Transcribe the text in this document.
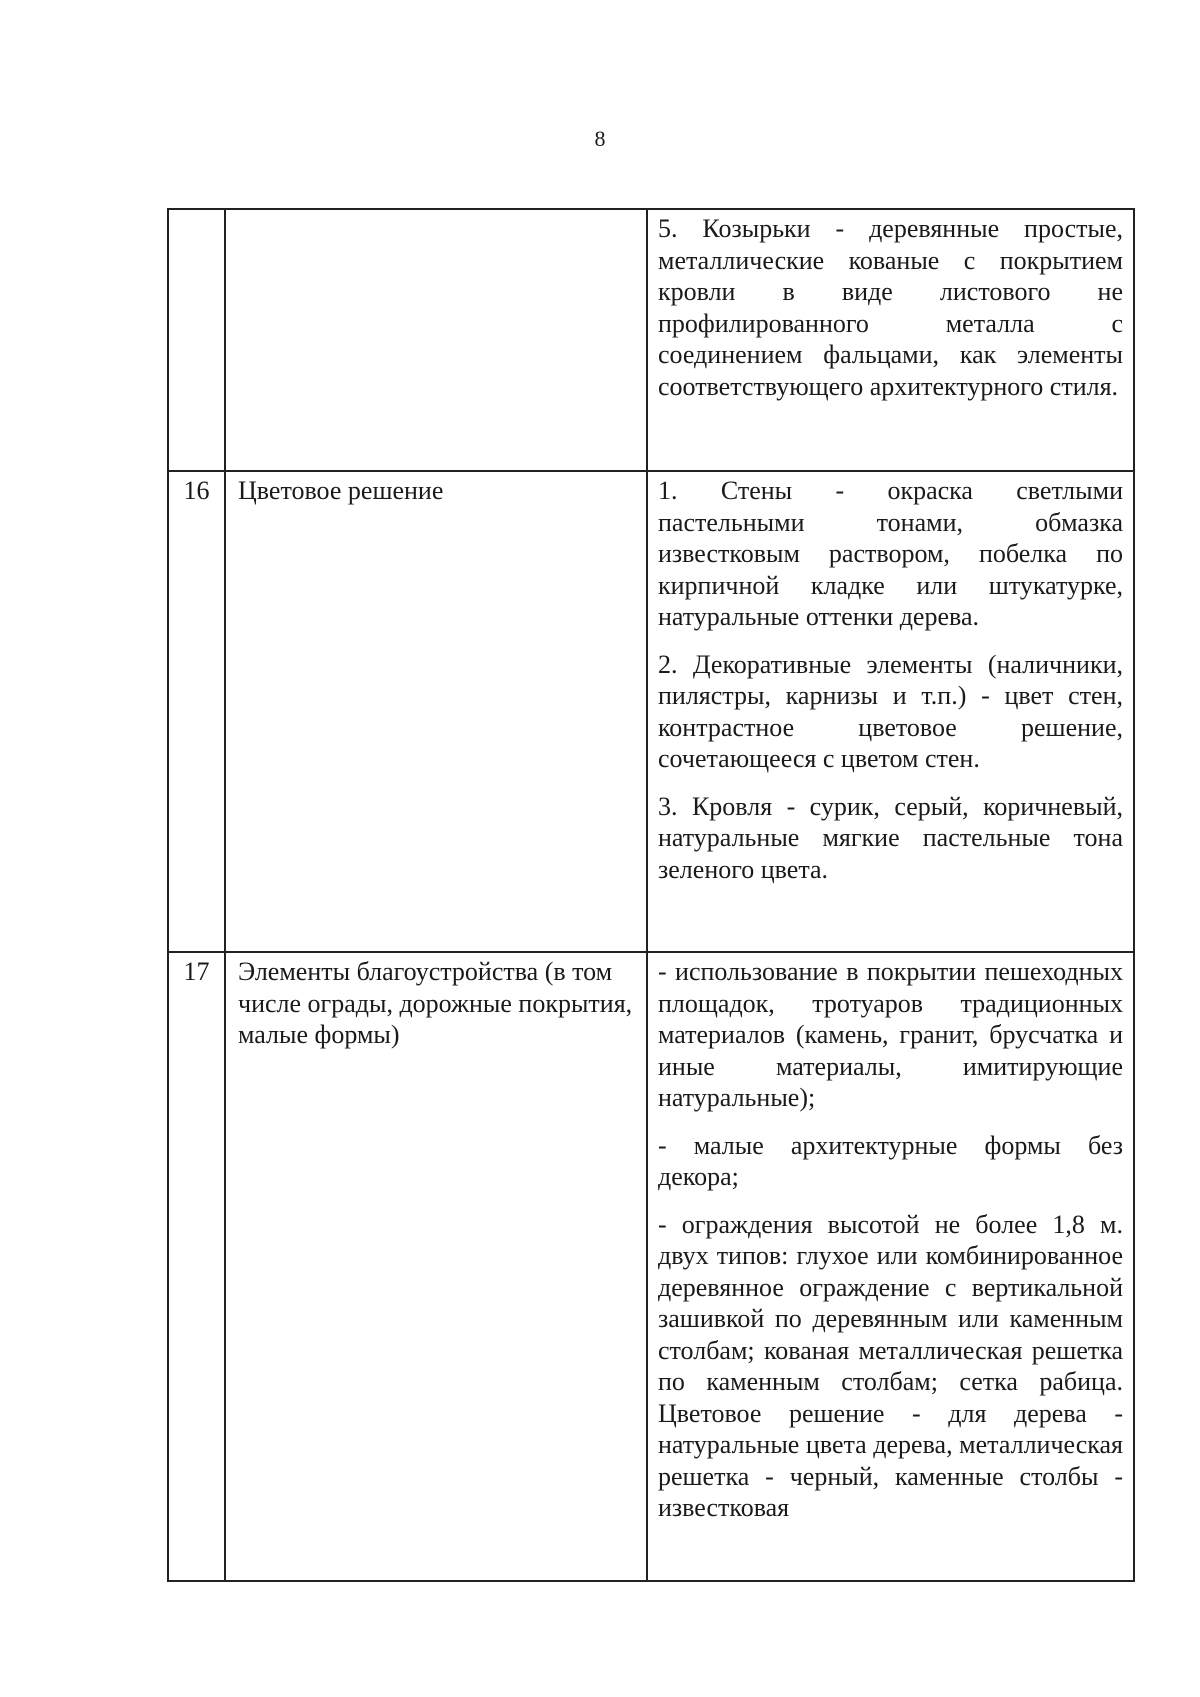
8

		5. Козырьки - деревянные простые, металлические кованые с покрытием кровли в виде листового не профилированного металла с соединением фальцами, как элементы соответствующего архитектурного стиля.

16	Цветовое решение	1. Стены - окраска светлыми пастельными тонами, обмазка известковым раствором, побелка по кирпичной кладке или штукатурке, натуральные оттенки дерева.

2. Декоративные элементы (наличники, пилястры, карнизы и т.п.) - цвет стен, контрастное цветовое решение, сочетающееся с цветом стен.

3. Кровля - сурик, серый, коричневый, натуральные мягкие пастельные тона зеленого цвета.

17	Элементы благоустройства (в том числе ограды, дорожные покрытия, малые формы)	- использование в покрытии пешеходных площадок, тротуаров традиционных материалов (камень, гранит, брусчатка и иные материалы, имитирующие натуральные);

- малые архитектурные формы без декора;

- ограждения высотой не более 1,8 м. двух типов: глухое или комбинированное деревянное ограждение с вертикальной зашивкой по деревянным или каменным столбам; кованая металлическая решетка по каменным столбам; сетка рабица. Цветовое решение - для дерева - натуральные цвета дерева, металлическая решетка - черный, каменные столбы - известковая
